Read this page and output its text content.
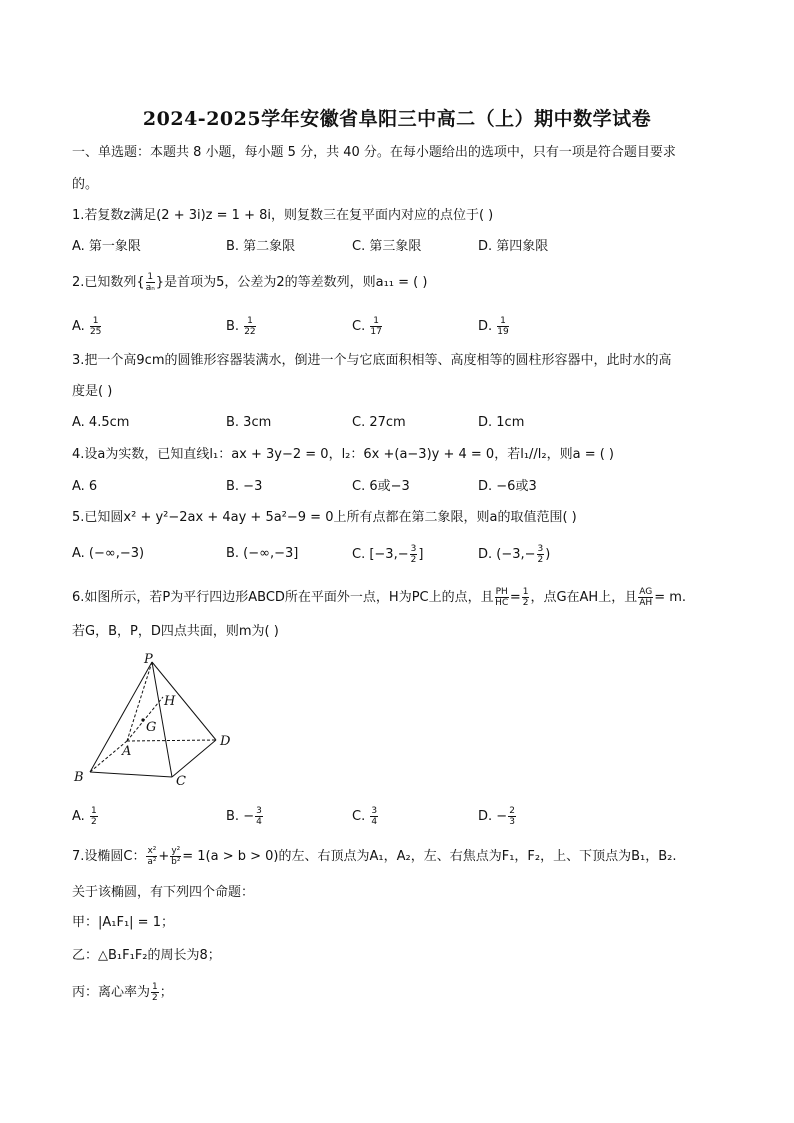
2024-2025学年安徽省阜阳三中高二（上）期中数学试卷
一、单选题：本题共 8 小题，每小题 5 分，共 40 分。在每小题给出的选项中，只有一项是符合题目要求
的。
1.若复数z满足(2 + 3i)z = 1 + 8i，则复数三在复平面内对应的点位于( )
A. 第一象限	B. 第二象限	C. 第三象限	D. 第四象限
2.已知数列{ $\frac{1}{\text{aₙ}}$ }是首项为5，公差为2的等差数列，则a₁₁ = ( )
A. $\frac{1}{25}$	B. $\frac{1}{22}$	C. $\frac{1}{17}$	D. $\frac{1}{19}$
3.把一个高9cm的圆锥形容器装满水，倒进一个与它底面积相等、高度相等的圆柱形容器中，此时水的高
度是( )
A. 4.5cm	B. 3cm	C. 27cm	D. 1cm
4.设a为实数，已知直线l₁：ax + 3y−2 = 0，l₂：6x +(a−3)y + 4 = 0，若l₁//l₂，则a = ( )
A. 6	B. −3	C. 6或−3	D. −6或3
5.已知圆x² + y²−2ax + 4ay + 5a²−9 = 0上所有点都在第二象限，则a的取值范围( )
A. (−∞,−3)	B. (−∞,−3]	C. [$-3,- \frac{3}{2}$ ]	D. ($-3,- \frac{3}{2}$ )
6.如图所示，若P为平行四边形ABCD所在平面外一点，H为PC上的点，且 $\frac{PH}{HC} = \frac{1}{2}$ ，点G在AH上，且 $\frac{AG}{AH} = m$.
若G，B，P，D四点共面，则m为( )
P
H
G
A
D
B	C
A. $\frac{1}{2}$	B. − $\frac{3}{4}$	C. $\frac{3}{4}$	D. − $\frac{2}{3}$
7.设椭圆C： $\frac{\text{x²}}{\text{a²}} + \frac{\text{y²}}{\text{b²}} = 1(a > b > 0)$的左、右顶点为A₁，A₂，左、右焦点为F₁，F₂，上、下顶点为B₁，B₂.
关于该椭圆，有下列四个命题：
甲：|A₁F₁| = 1；
乙：△B₁F₁F₂的周长为8；
丙：离心率为 $\frac{1}{2}$ ；
